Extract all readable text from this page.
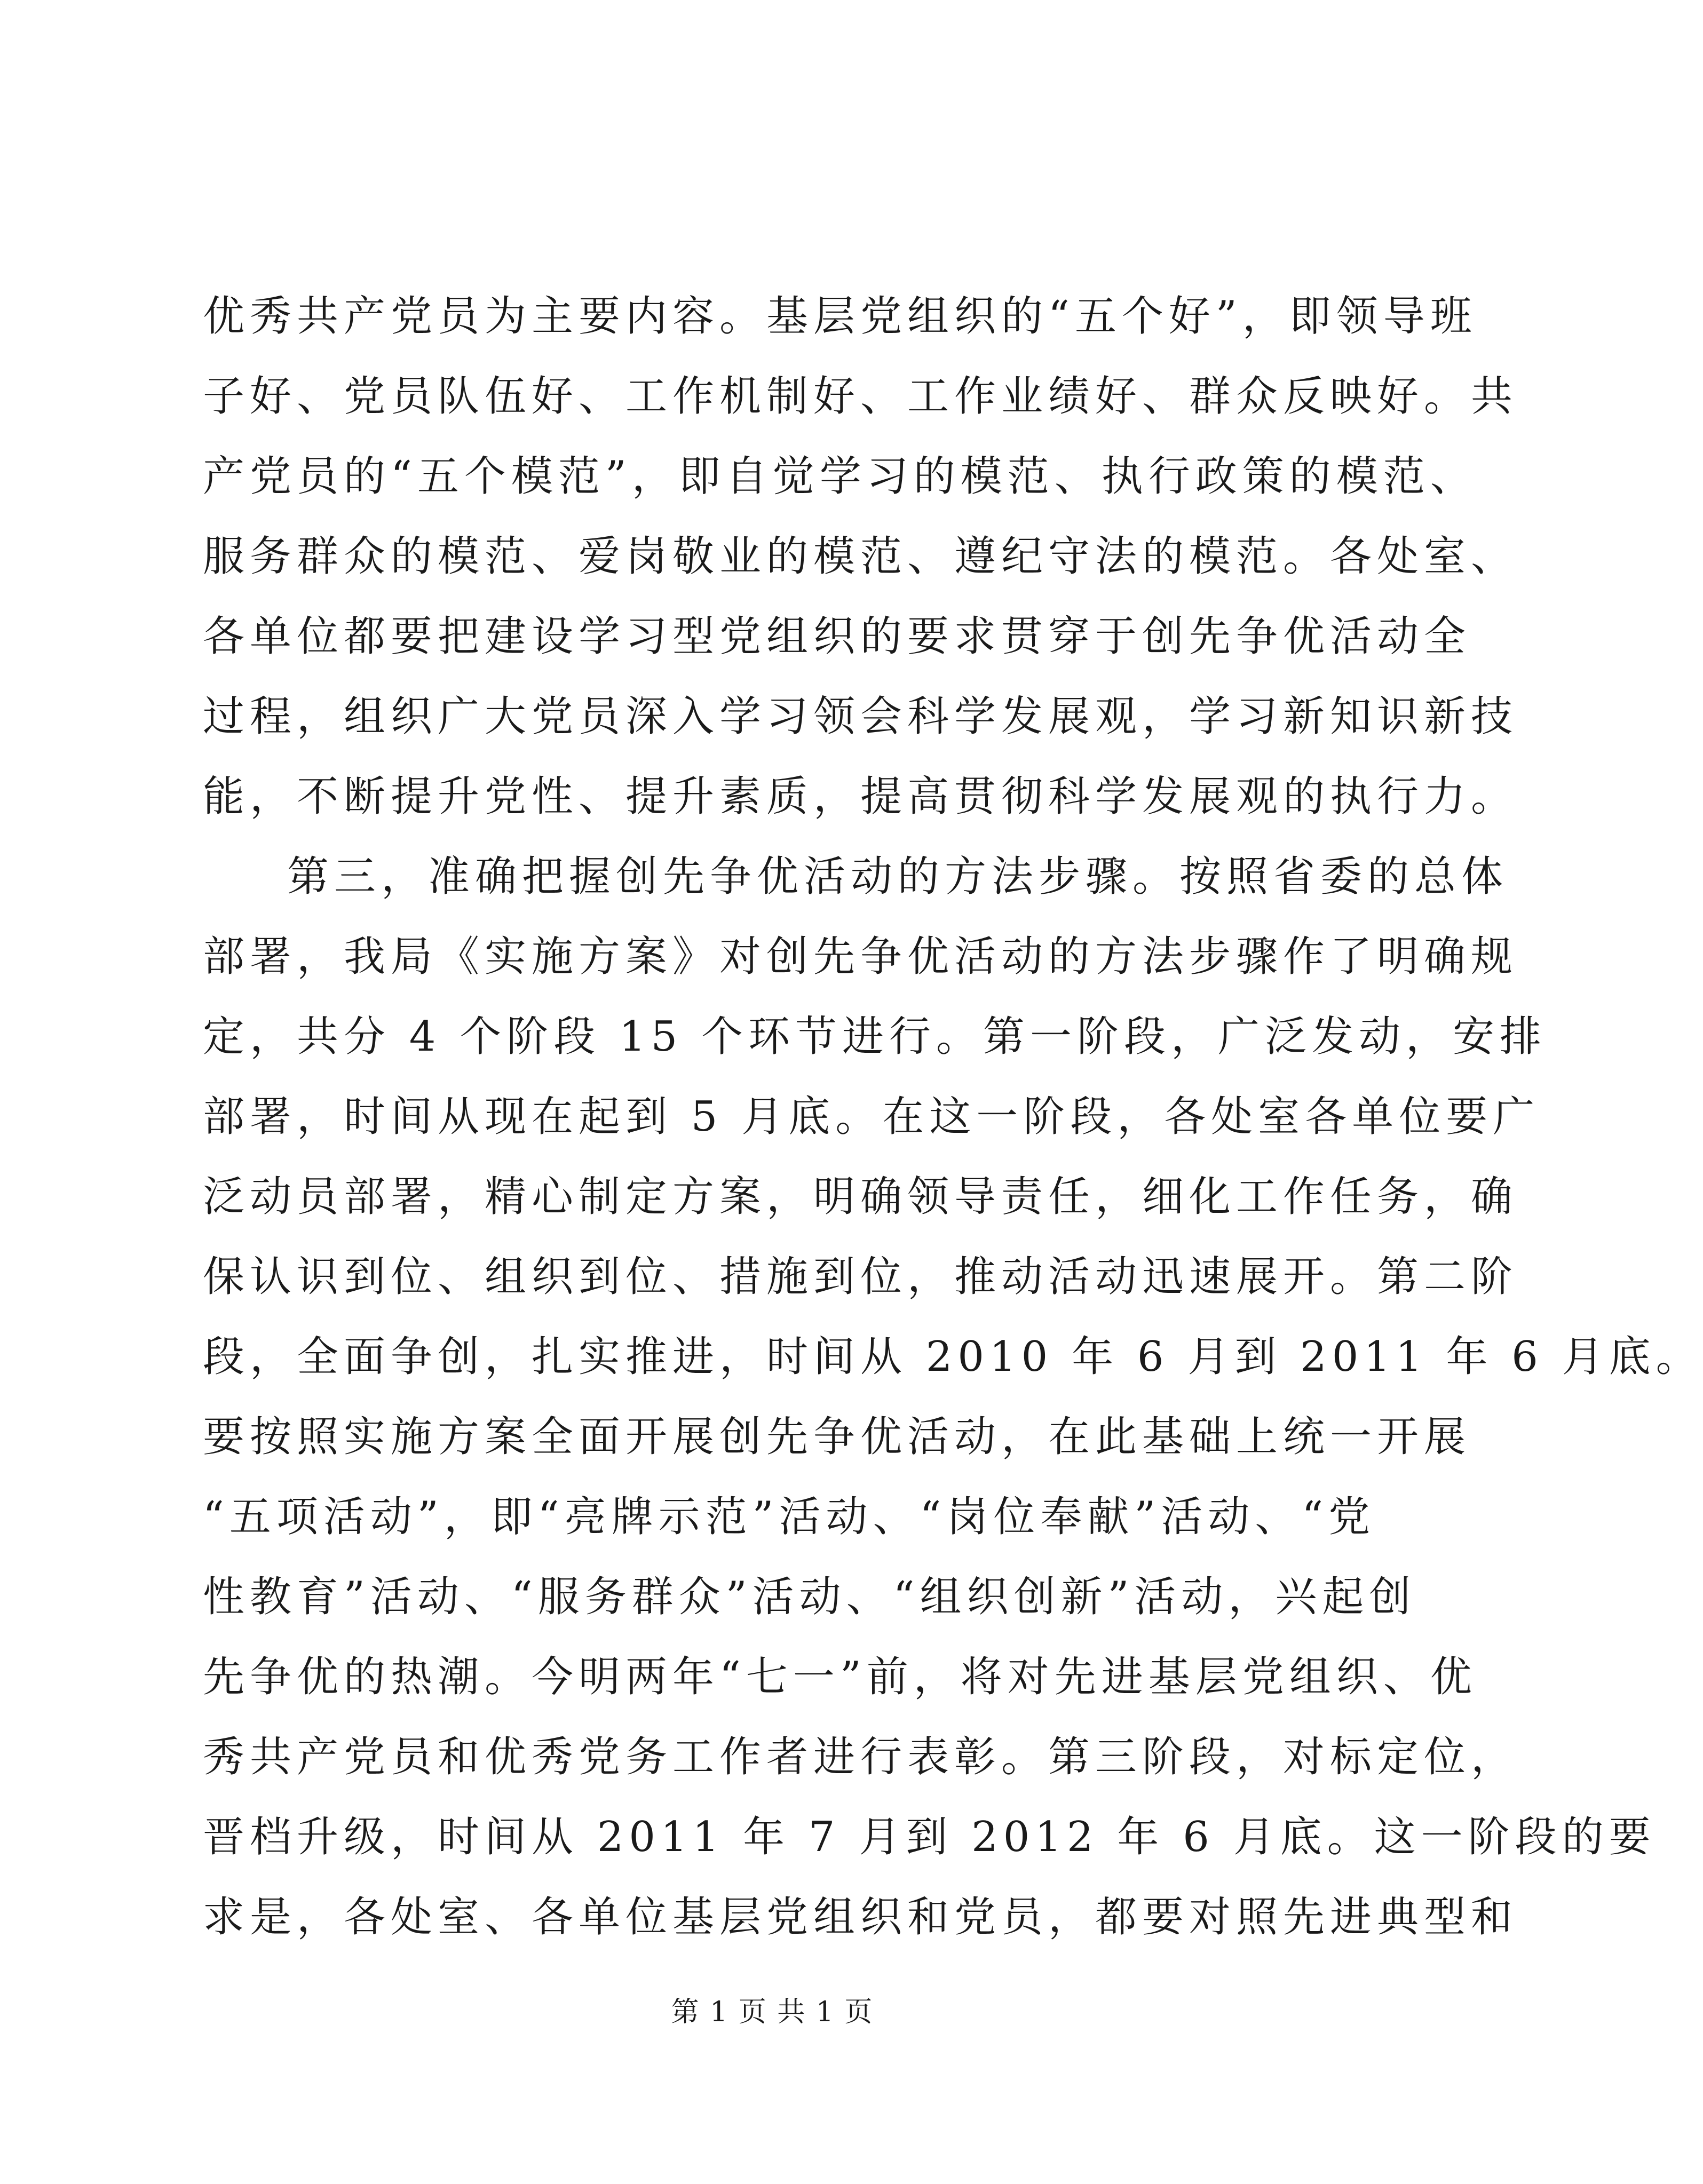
优秀共产党员为主要内容。基层党组织的“五个好”，即领导班
子好、党员队伍好、工作机制好、工作业绩好、群众反映好。共
产党员的“五个模范”，即自觉学习的模范、执行政策的模范、
服务群众的模范、爱岗敬业的模范、遵纪守法的模范。各处室、
各单位都要把建设学习型党组织的要求贯穿于创先争优活动全
过程，组织广大党员深入学习领会科学发展观，学习新知识新技
能，不断提升党性、提升素质，提高贯彻科学发展观的执行力。
第三，准确把握创先争优活动的方法步骤。按照省委的总体
部署，我局《实施方案》对创先争优活动的方法步骤作了明确规
定，共分 4 个阶段 15 个环节进行。第一阶段，广泛发动，安排
部署，时间从现在起到 5 月底。在这一阶段，各处室各单位要广
泛动员部署，精心制定方案，明确领导责任，细化工作任务，确
保认识到位、组织到位、措施到位，推动活动迅速展开。第二阶
段，全面争创，扎实推进，时间从 2010 年 6 月到 2011 年 6 月底。
要按照实施方案全面开展创先争优活动，在此基础上统一开展
“五项活动”，即“亮牌示范”活动、“岗位奉献”活动、“党
性教育”活动、“服务群众”活动、“组织创新”活动，兴起创
先争优的热潮。今明两年“七一”前，将对先进基层党组织、优
秀共产党员和优秀党务工作者进行表彰。第三阶段，对标定位，
晋档升级，时间从 2011 年 7 月到 2012 年 6 月底。这一阶段的要
求是，各处室、各单位基层党组织和党员，都要对照先进典型和
第 1 页 共 1 页
